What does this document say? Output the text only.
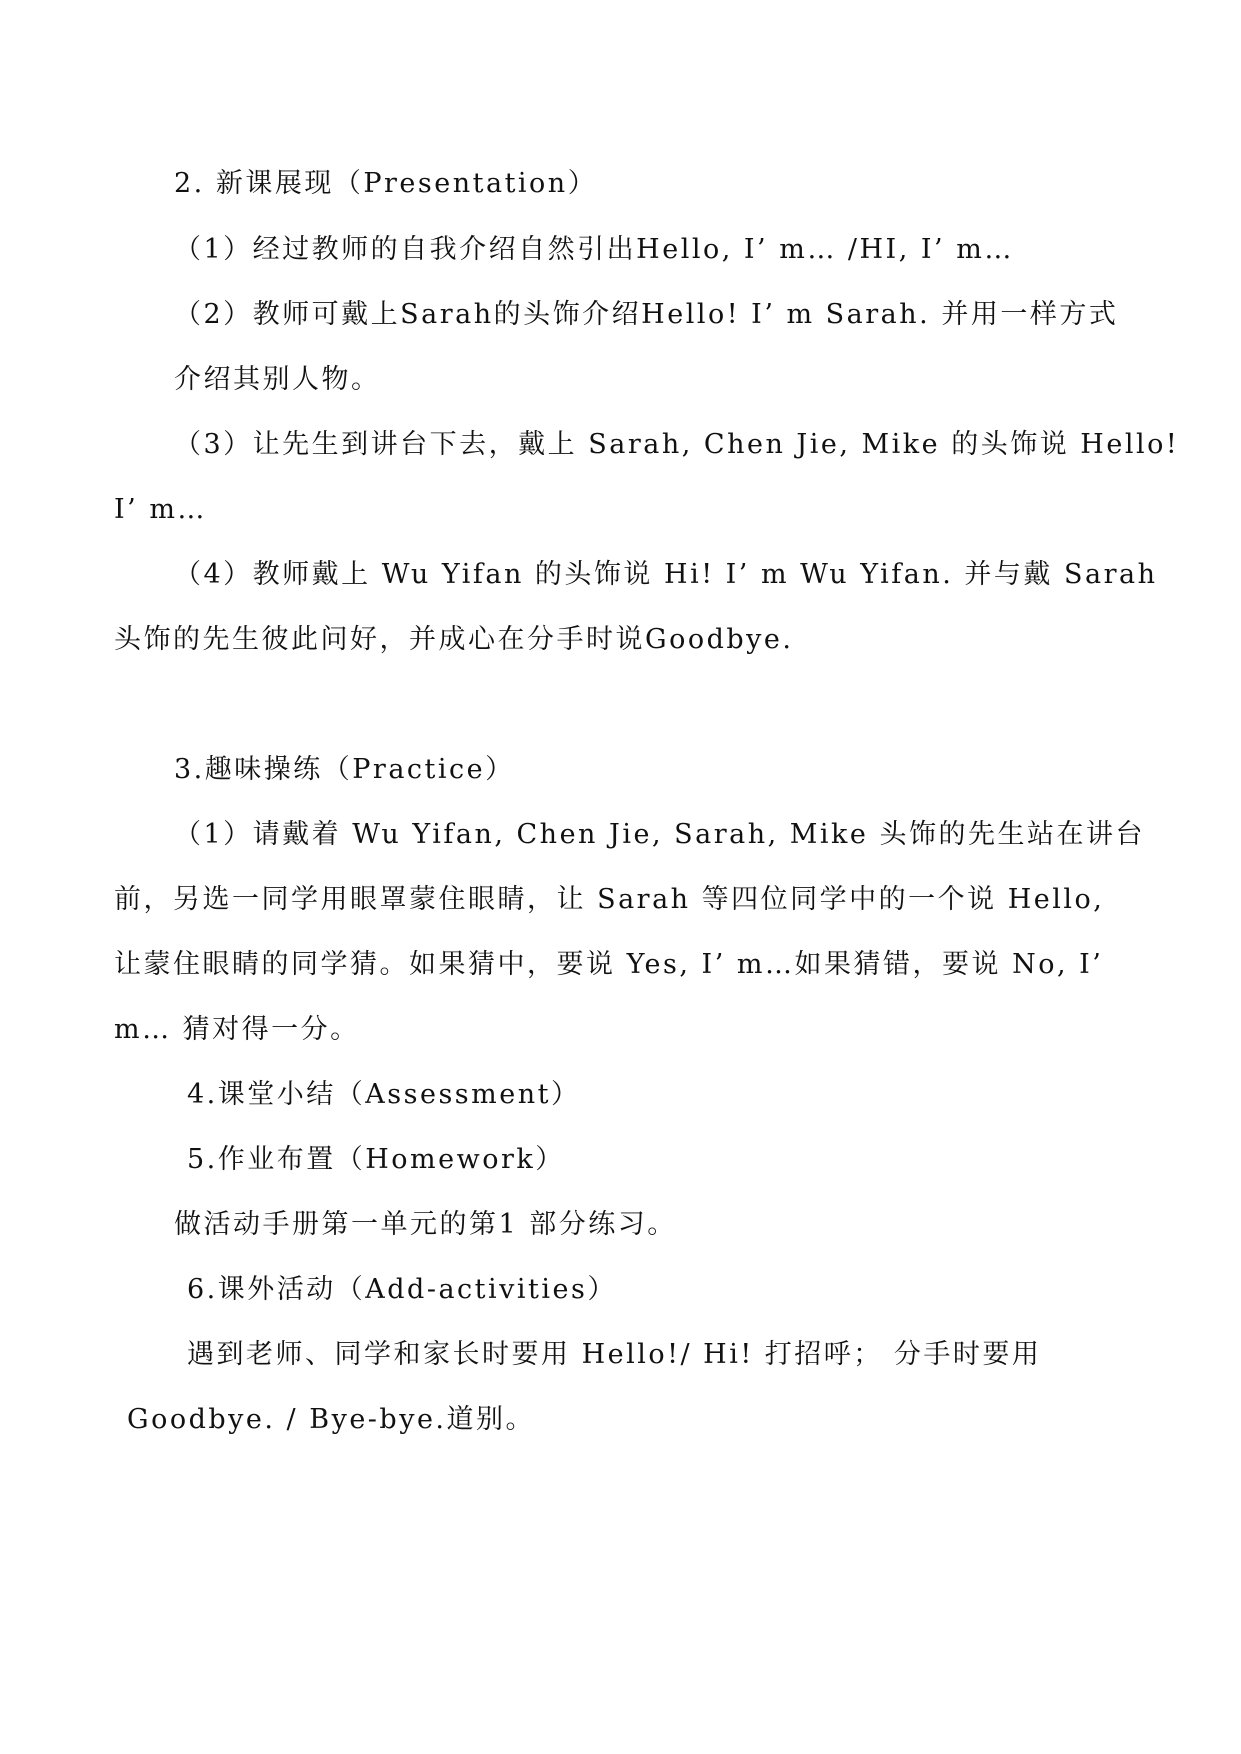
2. 新课展现（Presentation）
（1）经过教师的自我介绍自然引出Hello, I’ m… /HI, I’ m…
（2）教师可戴上Sarah的头饰介绍Hello! I’ m Sarah. 并用一样方式
介绍其别人物。
（3）让先生到讲台下去，戴上 Sarah, Chen Jie, Mike 的头饰说 Hello!
I’ m…
（4）教师戴上 Wu Yifan 的头饰说 Hi! I’ m Wu Yifan. 并与戴 Sarah
头饰的先生彼此问好，并成心在分手时说Goodbye.
3.趣味操练（Practice）
（1）请戴着 Wu Yifan, Chen Jie, Sarah, Mike 头饰的先生站在讲台
前，另选一同学用眼罩蒙住眼睛，让 Sarah 等四位同学中的一个说 Hello,
让蒙住眼睛的同学猜。如果猜中，要说 Yes, I’ m…如果猜错，要说 No, I’
m… 猜对得一分。
4.课堂小结（Assessment）
5.作业布置（Homework）
做活动手册第一单元的第1 部分练习。
6.课外活动（Add-activities）
遇到老师、同学和家长时要用 Hello!/ Hi! 打招呼； 分手时要用
Goodbye. / Bye-bye.道别。
